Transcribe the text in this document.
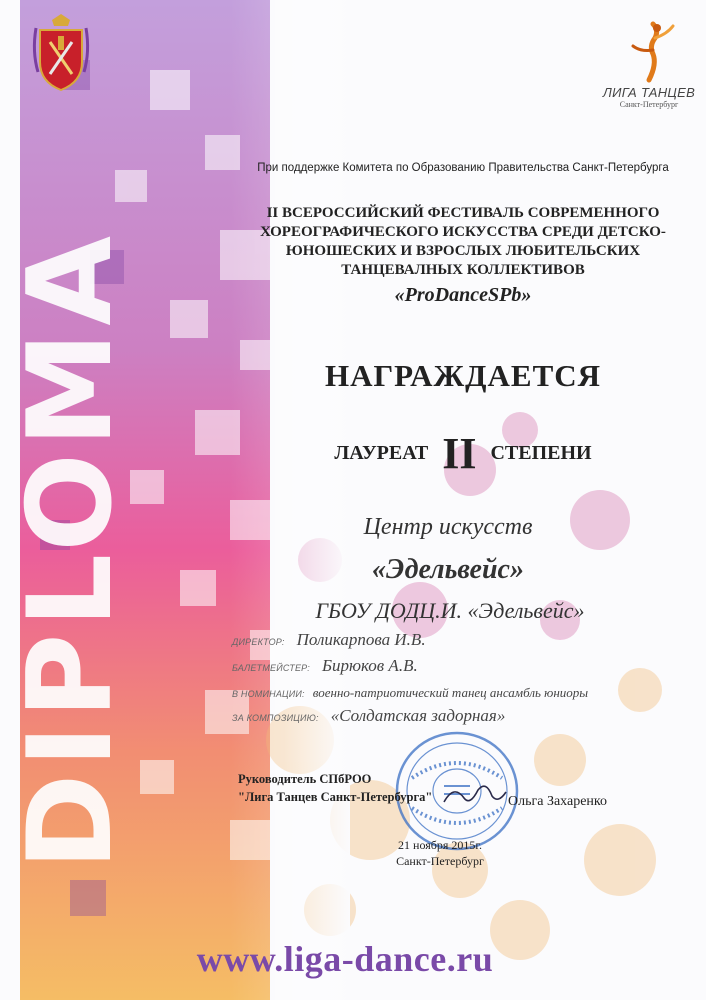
DIPLOMA
ЛИГА ТАНЦЕВ
Санкт-Петербург
При поддержке Комитета по Образованию Правительства Санкт-Петербурга
II ВСЕРОССИЙСКИЙ ФЕСТИВАЛЬ СОВРЕМЕННОГО
ХОРЕОГРАФИЧЕСКОГО ИСКУССТВА СРЕДИ ДЕТСКО-
ЮНОШЕСКИХ И ВЗРОСЛЫХ ЛЮБИТЕЛЬСКИХ
ТАНЦЕВАЛНЫХ КОЛЛЕКТИВОВ
«ProDanceSPb»
НАГРАЖДАЕТСЯ
ЛАУРЕАТ II СТЕПЕНИ
Центр искусств
«Эдельвейс»
ГБОУ ДОДЦ.И. «Эдельвейс»
ДИРЕКТОР: Поликарпова И.В.
БАЛЕТМЕЙСТЕР: Бирюков А.В.
В НОМИНАЦИИ: военно-патриотический танец ансамбль юниоры
ЗА КОМПОЗИЦИЮ: «Солдатская задорная»
Руководитель СПбРОО
"Лига Танцев Санкт-Петербурга"	Ольга Захаренко
21 ноября 2015г.
Санкт-Петербург
www.liga-dance.ru
